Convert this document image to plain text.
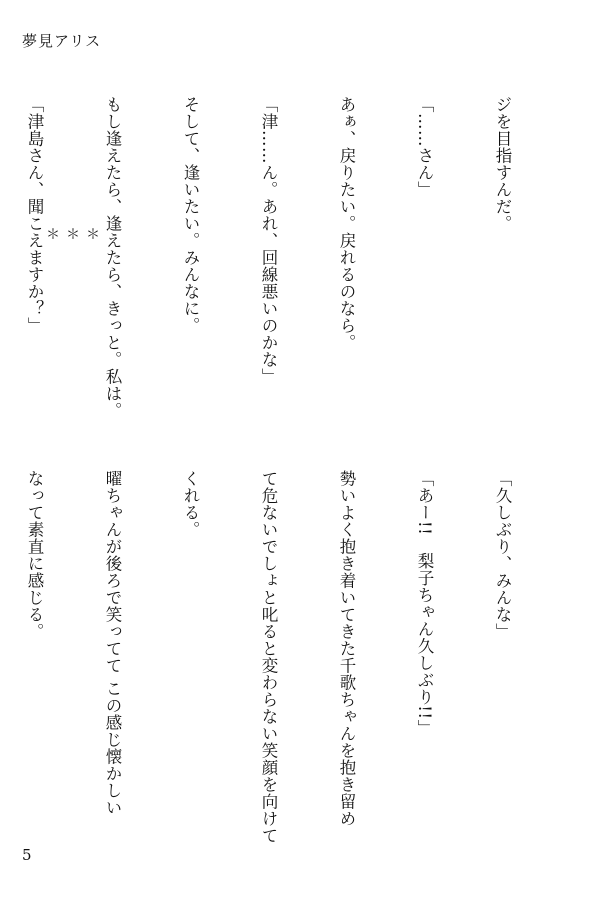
夢見アリス

ジを目指すんだ。

「……さん」

あぁ、戻りたい。戻れるのなら。

「津……ん。あれ、回線悪いのかな」

そして、逢いたい。みんなに。

もし逢えたら、逢えたら、きっと。私は。

「津島さん、聞こえますか？」

	＊
＊
＊

「久しぶり、みんな」

「あー!!　梨子ちゃん久しぶり!!」

勢いよく抱き着いてきた千歌ちゃんを抱き留め

て危ないでしょと叱ると変わらない笑顔を向けて

くれる。

曜ちゃんが後ろで笑ってて この感じ懐かしい

なって素直に感じる。

5
